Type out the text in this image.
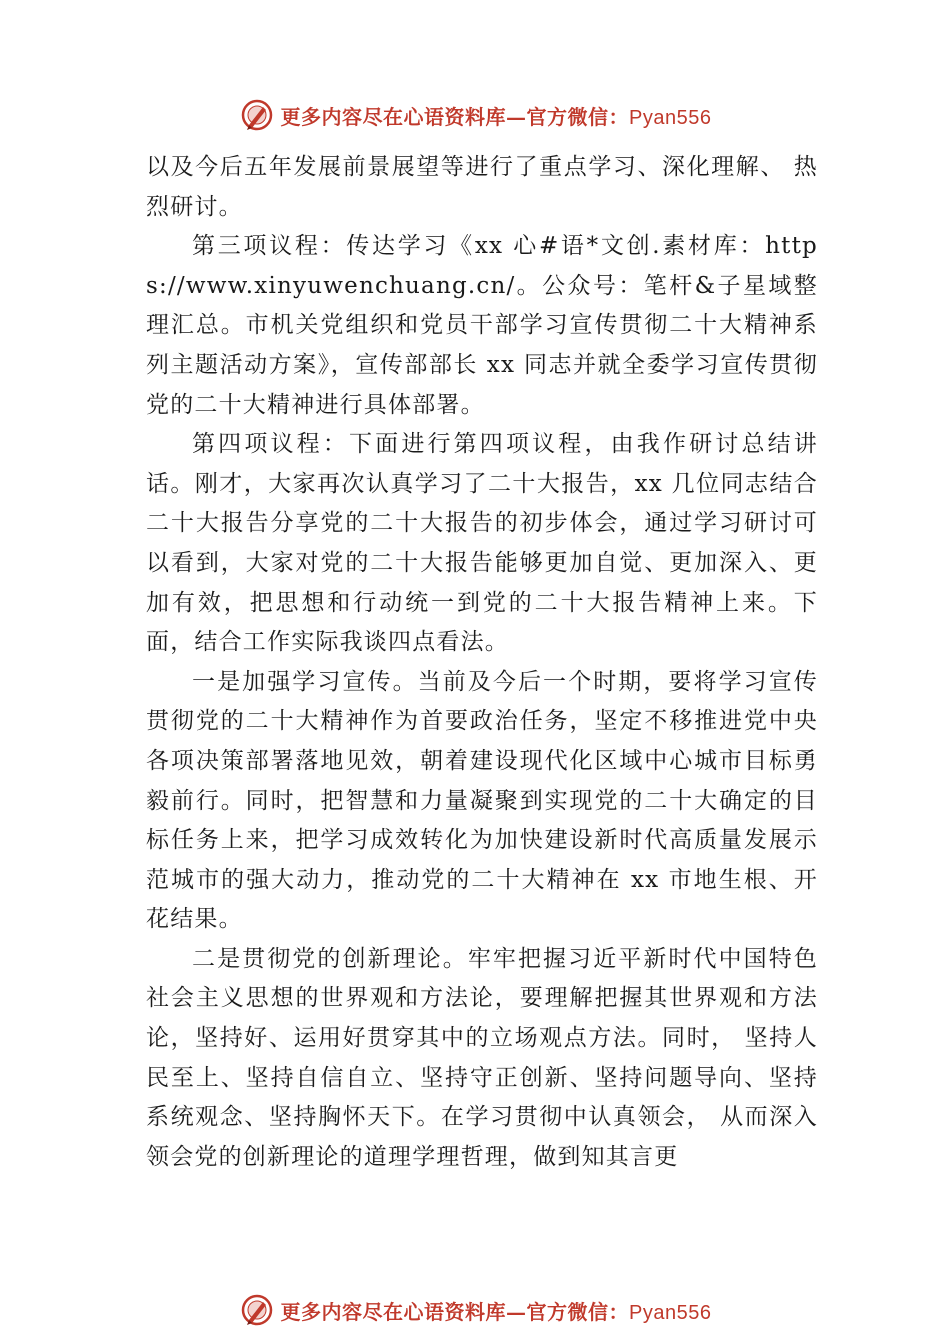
更多内容尽在心语资料库—官方微信：Pyan556

以及今后五年发展前景展望等进行了重点学习、深化理解、 热烈研讨。

第三项议程：传达学习《xx 心#语*文创.素材库：https://www.xinyuwenchuang.cn/。公众号：笔杆&子星域整理汇总。市机关党组织和党员干部学习宣传贯彻二十大精神系列主题活动方案》，宣传部部长 xx 同志并就全委学习宣传贯彻党的二十大精神进行具体部署。

第四项议程：下面进行第四项议程，由我作研讨总结讲话。刚才，大家再次认真学习了二十大报告，xx 几位同志结合二十大报告分享党的二十大报告的初步体会，通过学习研讨可以看到，大家对党的二十大报告能够更加自觉、更加深入、更加有效，把思想和行动统一到党的二十大报告精神上来。下面，结合工作实际我谈四点看法。

一是加强学习宣传。当前及今后一个时期，要将学习宣传贯彻党的二十大精神作为首要政治任务，坚定不移推进党中央各项决策部署落地见效，朝着建设现代化区域中心城市目标勇毅前行。同时，把智慧和力量凝聚到实现党的二十大确定的目标任务上来，把学习成效转化为加快建设新时代高质量发展示范城市的强大动力，推动党的二十大精神在 xx 市地生根、开花结果。

二是贯彻党的创新理论。牢牢把握习近平新时代中国特色社会主义思想的世界观和方法论，要理解把握其世界观和方法论，坚持好、运用好贯穿其中的立场观点方法。同时， 坚持人民至上、坚持自信自立、坚持守正创新、坚持问题导向、坚持系统观念、坚持胸怀天下。在学习贯彻中认真领会， 从而深入领会党的创新理论的道理学理哲理，做到知其言更

更多内容尽在心语资料库—官方微信：Pyan556
